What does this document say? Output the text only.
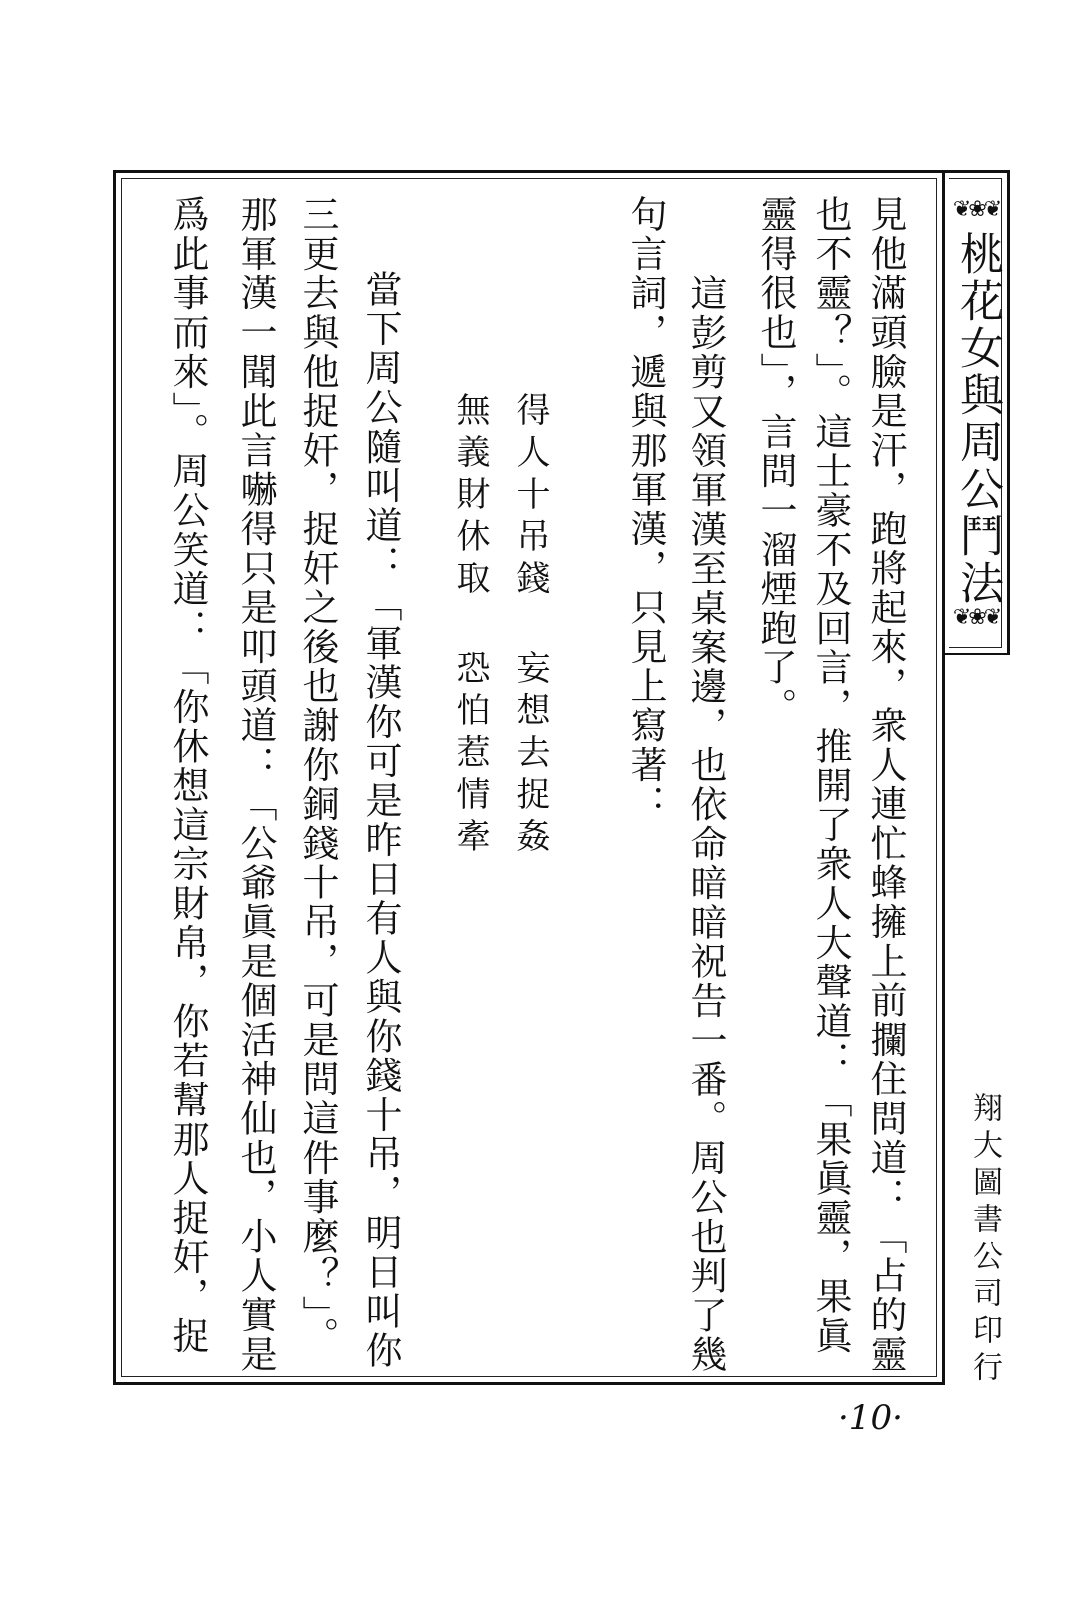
❦❀❦
桃花女與周公鬥法
❦❀❦
翔大圖書公司印行
見他滿頭臉是汗，跑將起來，衆人連忙蜂擁上前攔住問道：「占的靈
也不靈？」。這士豪不及回言，推開了衆人大聲道：「果眞靈，果眞
靈得很也」，言問一溜煙跑了。
這彭剪又領軍漢至桌案邊，也依命暗暗祝告一番。周公也判了幾
句言詞，遞與那軍漢，只見上寫著：
得人十吊錢
妄想去捉姦
無義財休取
恐怕惹情牽
當下周公隨叫道：「軍漢你可是昨日有人與你錢十吊，明日叫你
三更去與他捉奸，捉奸之後也謝你銅錢十吊，可是問這件事麼？」。
那軍漢一聞此言嚇得只是叩頭道：「公爺眞是個活神仙也，小人實是
爲此事而來」。周公笑道：「你休想這宗財帛，你若幫那人捉奸，捉
·10·
